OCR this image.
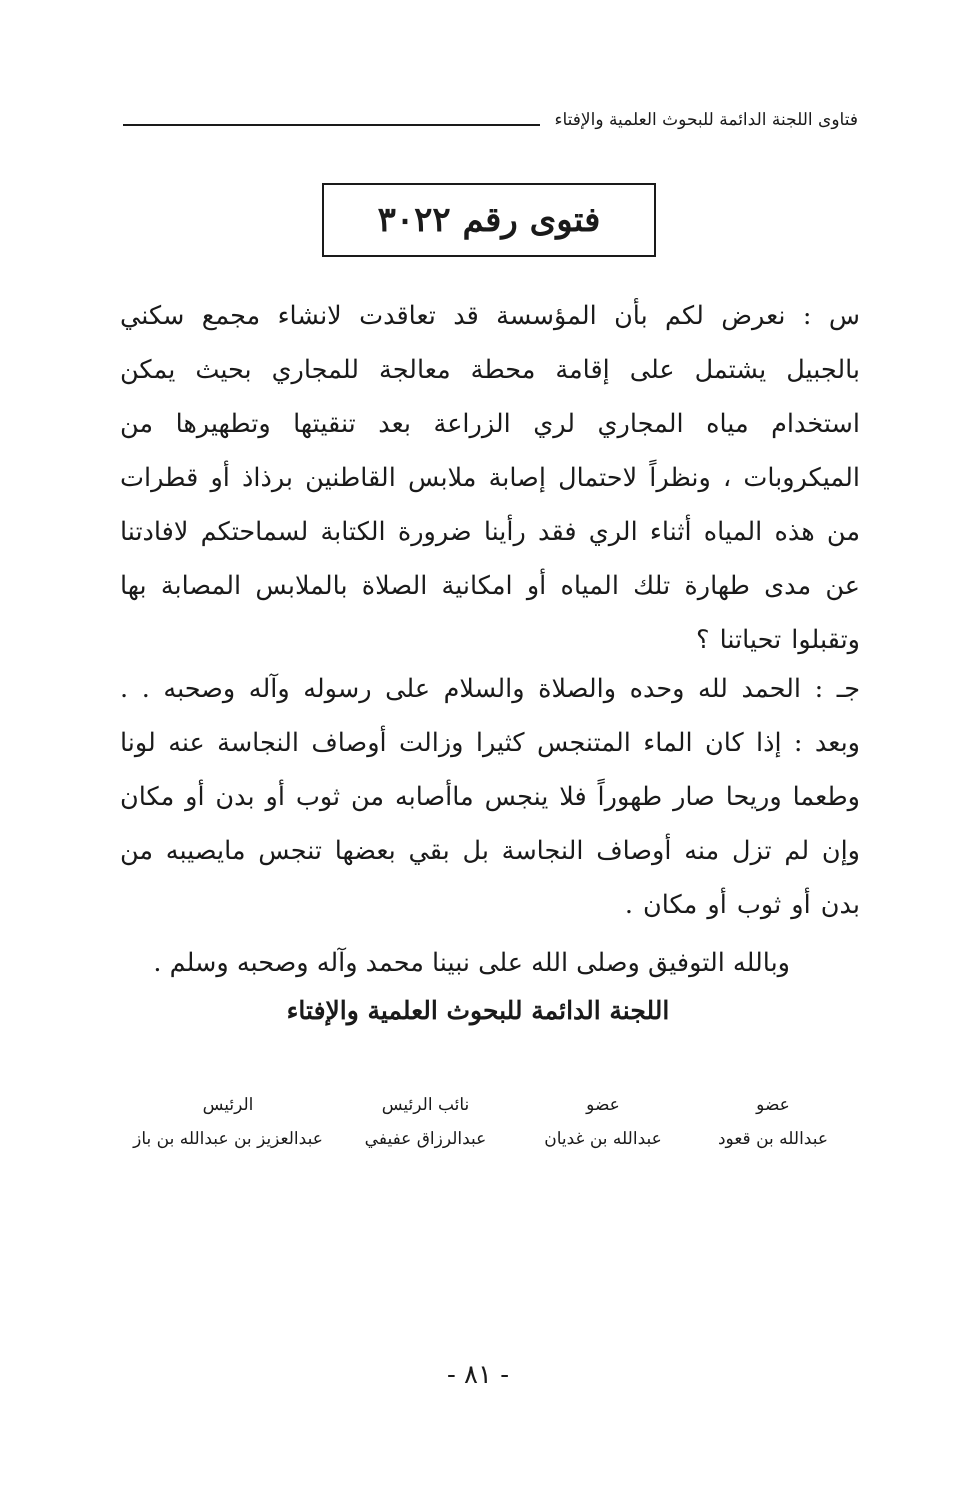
فتاوى اللجنة الدائمة للبحوث العلمية والإفتاء
فتوى رقم ٣٠٢٢
س : نعرض لكم بأن المؤسسة قد تعاقدت لانشاء مجمع سكني بالجبيل يشتمل على إقامة محطة معالجة للمجاري بحيث يمكن استخدام مياه المجاري لري الزراعة بعد تنقيتها وتطهيرها من الميكروبات ، ونظراً لاحتمال إصابة ملابس القاطنين برذاذ أو قطرات من هذه المياه أثناء الري فقد رأينا ضرورة الكتابة لسماحتكم لافادتنا عن مدى طهارة تلك المياه أو امكانية الصلاة بالملابس المصابة بها وتقبلوا تحياتنا ؟
جـ : الحمد لله وحده والصلاة والسلام على رسوله وآله وصحبه . . وبعد : إذا كان الماء المتنجس كثيرا وزالت أوصاف النجاسة عنه لونا وطعما وريحا صار طهوراً فلا ينجس ماأصابه من ثوب أو بدن أو مكان وإن لم تزل منه أوصاف النجاسة بل بقي بعضها تنجس مايصيبه من بدن أو ثوب أو مكان .
وبالله التوفيق وصلى الله على نبينا محمد وآله وصحبه وسلم .
اللجنة الدائمة للبحوث العلمية والإفتاء
عضو
عبدالله بن قعود
عضو
عبدالله بن غديان
نائب الرئيس
عبدالرزاق عفيفي
الرئيس
عبدالعزيز بن عبدالله بن باز
- ٨١ -
